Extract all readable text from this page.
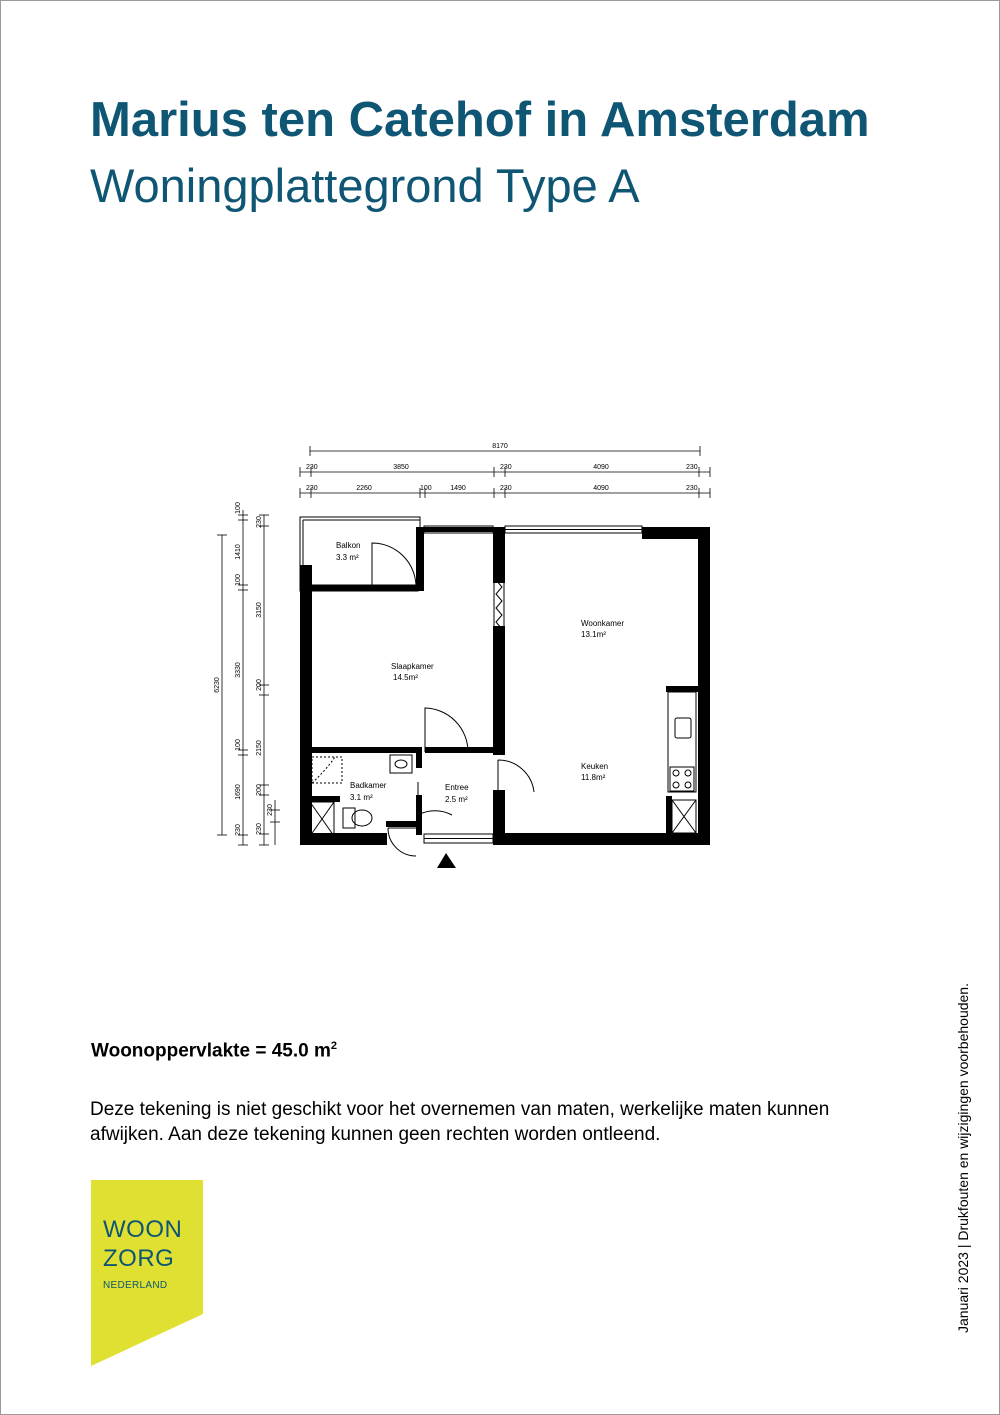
Marius ten Catehof in Amsterdam
Woningplattegrond Type A
8170
230	3850	230	4090	230
230	2260	100	1490	230	4090	230
6230
100
1410
100
3330
100
1690
230
230
3150
200
2150
200
230
230
Balkon
3.3 m²
Slaapkamer
14.5m²
Woonkamer
13.1m²
Keuken
11.8m²
Badkamer
3.1 m²
Entree
2.5 m²
Woonoppervlakte = 45.0 $m^2$

Deze tekening is niet geschikt voor het overnemen van maten, werkelijke maten kunnen

afwijken. Aan deze tekening kunnen geen rechten worden ontleend.

WOON
ZORG
NEDERLAND	Januari 2023 | Drukfouten en wijzigingen voorbehouden.
